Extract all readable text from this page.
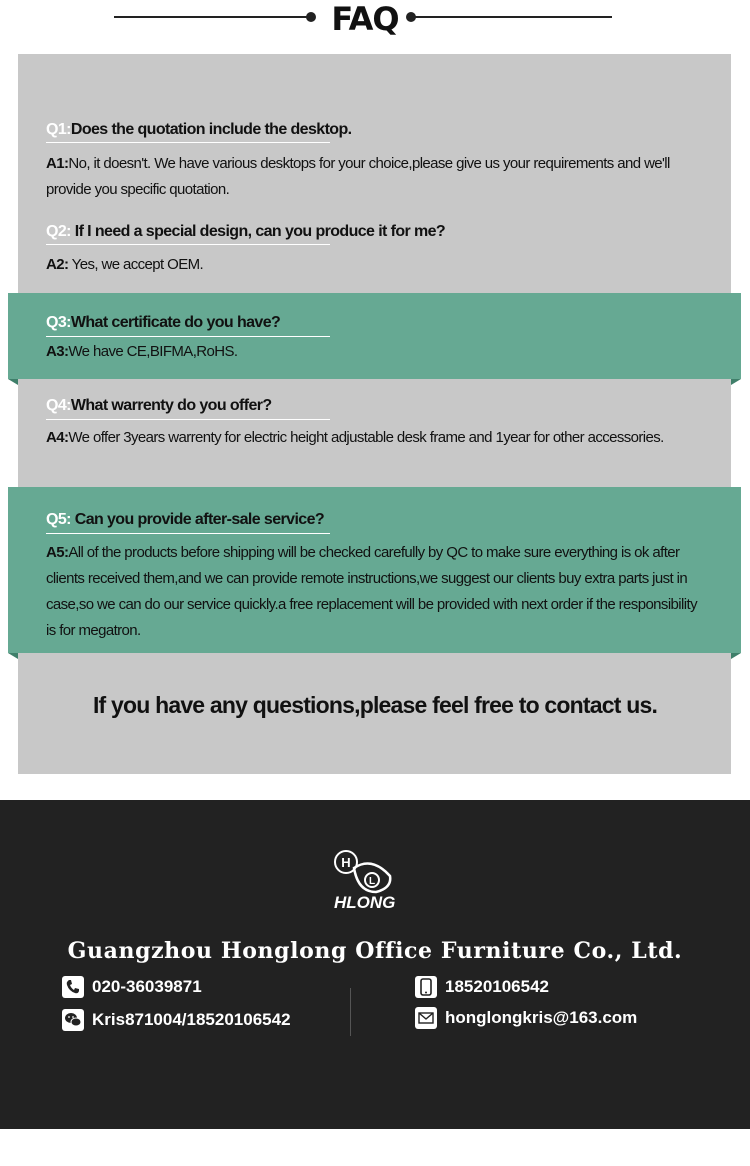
FAQ
Q1:Does the quotation include the desktop.
A1:No, it doesn't. We have various desktops for your choice,please give us your requirements and we'll provide you specific quotation.
Q2: If I need a special design, can you produce it for me?
A2: Yes, we accept OEM.
Q3:What certificate do you have?
A3:We have CE,BIFMA,RoHS.
Q4:What warrenty do you offer?
A4:We offer 3years warrenty for electric height adjustable desk frame and 1year for other accessories.
Q5: Can you provide after-sale service?
A5:All of the products before shipping will be checked carefully by QC to make sure everything is ok after clients received them,and we can provide remote instructions,we suggest our clients buy extra parts just in case,so we can do our service quickly.a free replacement will be provided with next order if the responsibility is for megatron.
If you have any questions,please feel free to contact us.
H
L
HLONG
Guangzhou Honglong Office Furniture Co., Ltd.
020-36039871
Kris871004/18520106542
18520106542
honglongkris@163.com
